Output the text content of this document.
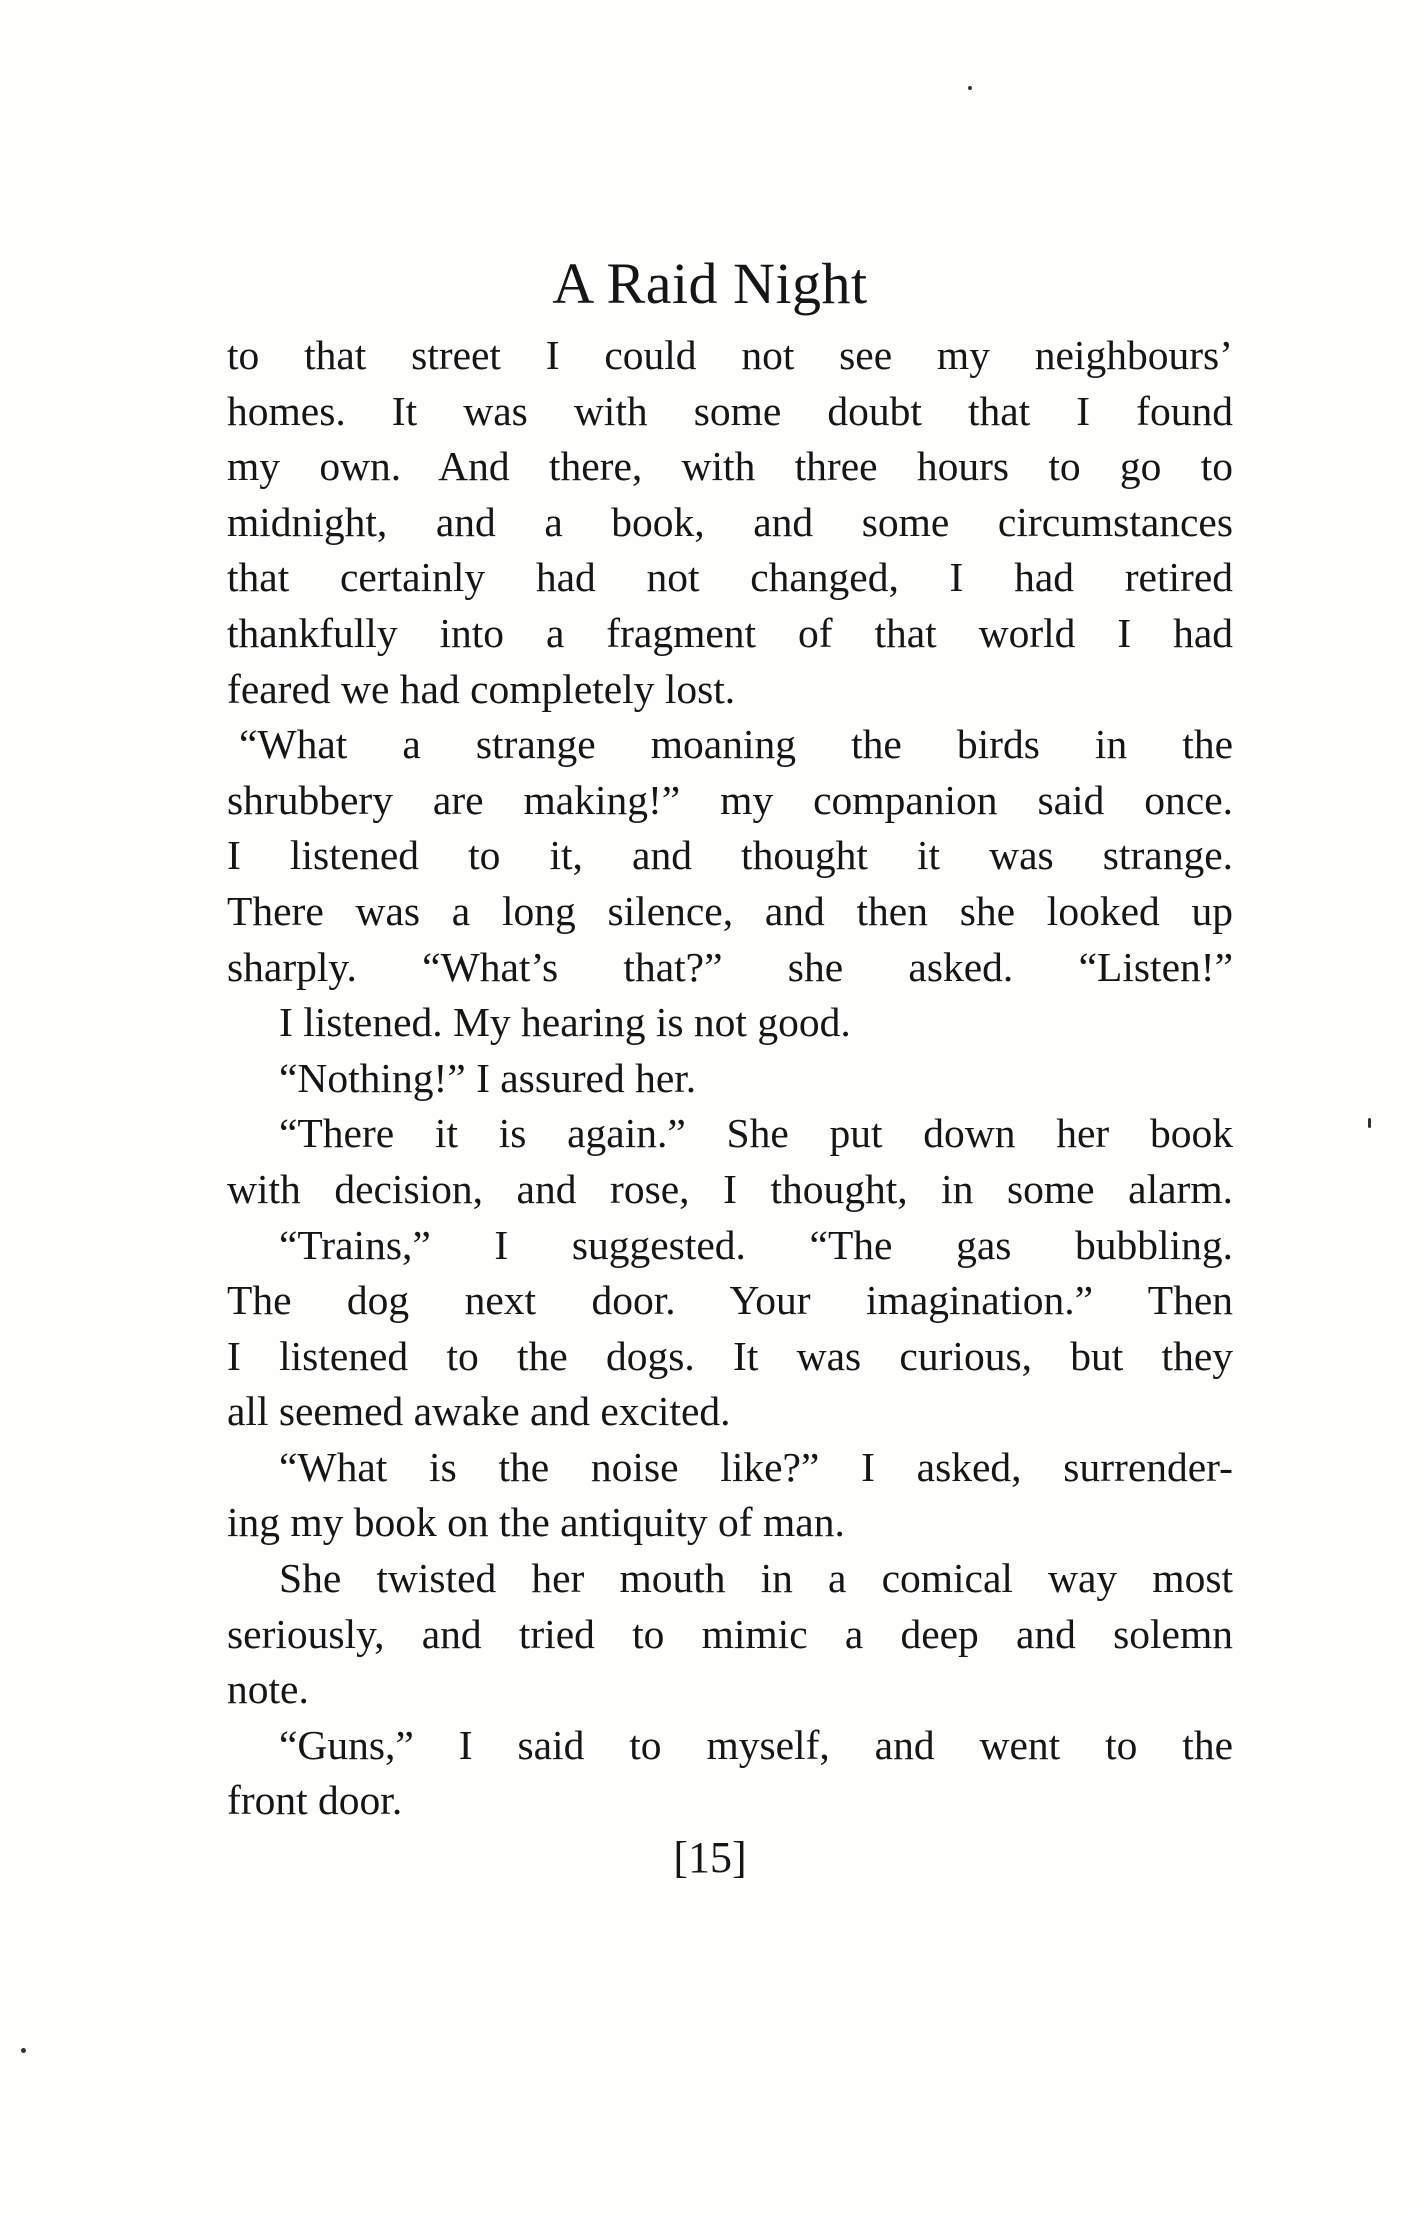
A Raid Night
to that street I could not see my neighbours’
homes. It was with some doubt that I found
my own. And there, with three hours to go to
midnight, and a book, and some circumstances
that certainly had not changed, I had retired
thankfully into a fragment of that world I had
feared we had completely lost.
“What a strange moaning the birds in the
shrubbery are making!” my companion said once.
I listened to it, and thought it was strange.
There was a long silence, and then she looked up
sharply. “What’s that?” she asked. “Listen!”
I listened. My hearing is not good.
“Nothing!” I assured her.
“There it is again.” She put down her book
with decision, and rose, I thought, in some alarm.
“Trains,” I suggested. “The gas bubbling.
The dog next door. Your imagination.” Then
I listened to the dogs. It was curious, but they
all seemed awake and excited.
“What is the noise like?” I asked, surrender-
ing my book on the antiquity of man.
She twisted her mouth in a comical way most
seriously, and tried to mimic a deep and solemn
note.
“Guns,” I said to myself, and went to the
front door.
[15]
